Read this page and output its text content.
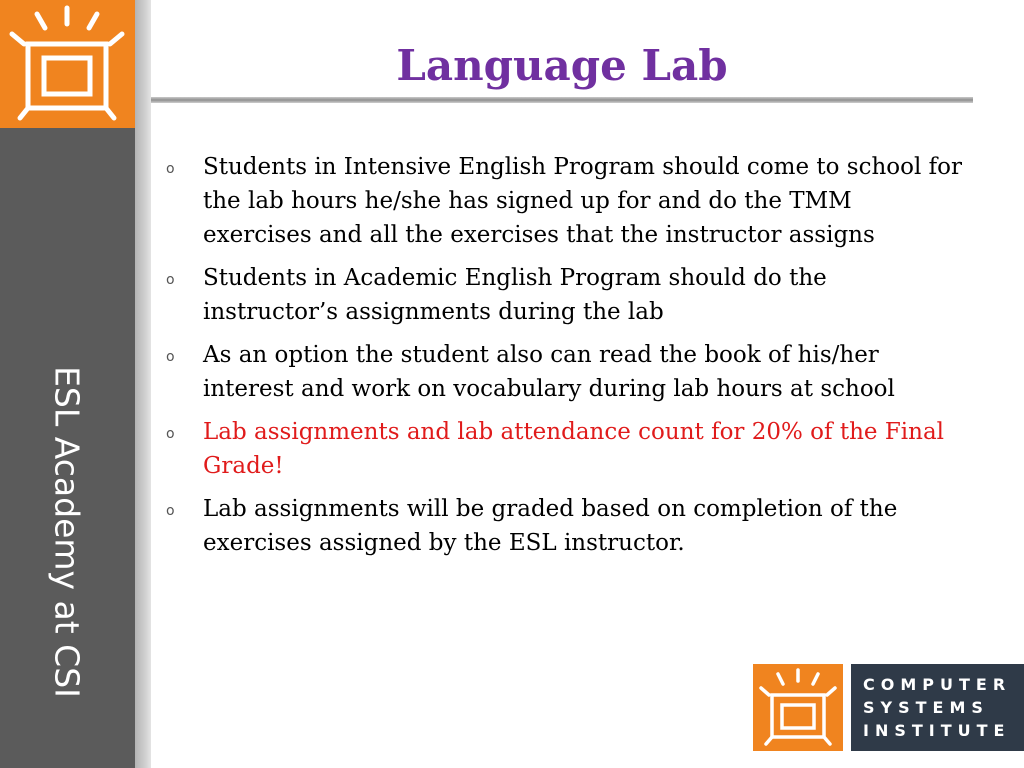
ESL Academy at CSI
Language Lab
o Students in Intensive English Program should come to school for the lab hours he/she has signed up for and do the TMM exercises and all the exercises that the instructor assigns
o Students in Academic English Program should do the instructor’s assignments during the lab
o As an option the student also can read the book of his/her interest and work on vocabulary during lab hours at school
o Lab assignments and lab attendance count for 20% of the Final Grade!
o Lab assignments will be graded based on completion of the exercises assigned by the ESL instructor.
COMPUTER
SYSTEMS
INSTITUTE
